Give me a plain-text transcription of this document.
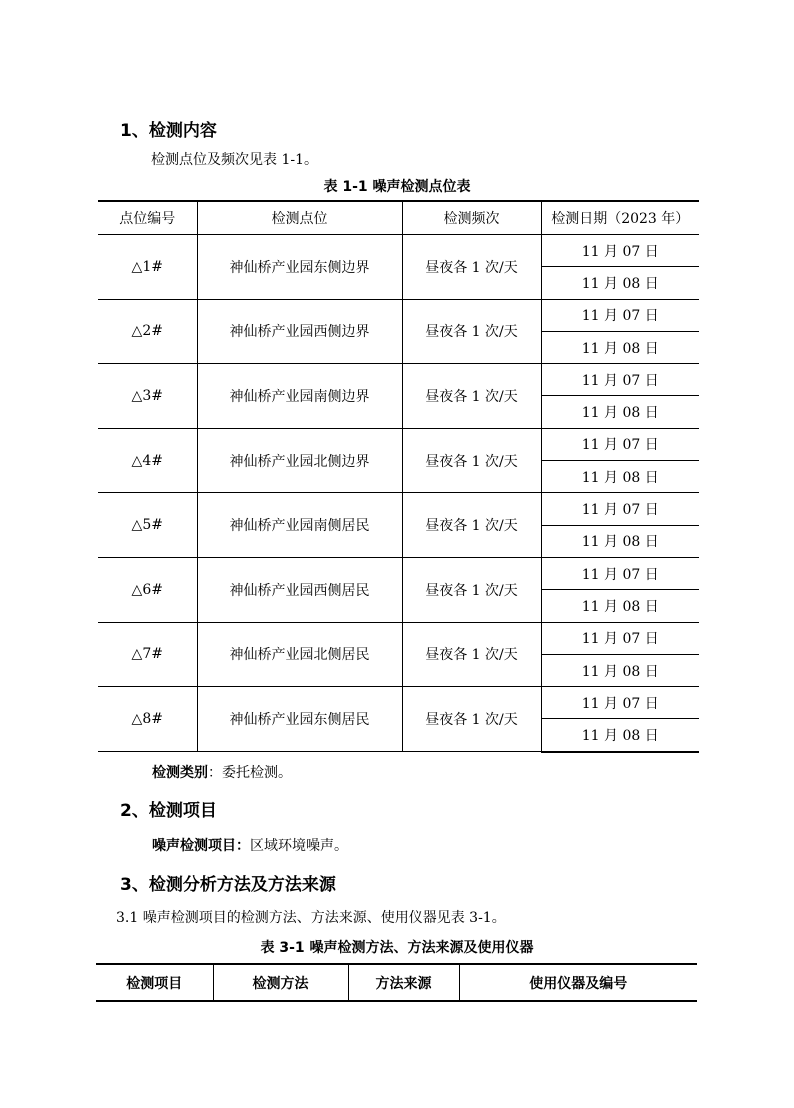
1、检测内容
检测点位及频次见表 1-1。
表 1-1 噪声检测点位表
点位编号	检测点位	检测频次	检测日期（2023 年）
△1#	神仙桥产业园东侧边界	昼夜各 1 次/天	11 月 07 日
			11 月 08 日
△2#	神仙桥产业园西侧边界	昼夜各 1 次/天	11 月 07 日
			11 月 08 日
△3#	神仙桥产业园南侧边界	昼夜各 1 次/天	11 月 07 日
			11 月 08 日
△4#	神仙桥产业园北侧边界	昼夜各 1 次/天	11 月 07 日
			11 月 08 日
△5#	神仙桥产业园南侧居民	昼夜各 1 次/天	11 月 07 日
			11 月 08 日
△6#	神仙桥产业园西侧居民	昼夜各 1 次/天	11 月 07 日
			11 月 08 日
△7#	神仙桥产业园北侧居民	昼夜各 1 次/天	11 月 07 日
			11 月 08 日
△8#	神仙桥产业园东侧居民	昼夜各 1 次/天	11 月 07 日
			11 月 08 日
检测类别：委托检测。
2、检测项目
噪声检测项目：区域环境噪声。
3、检测分析方法及方法来源
3.1 噪声检测项目的检测方法、方法来源、使用仪器见表 3-1。
表 3-1 噪声检测方法、方法来源及使用仪器
检测项目	检测方法	方法来源	使用仪器及编号
